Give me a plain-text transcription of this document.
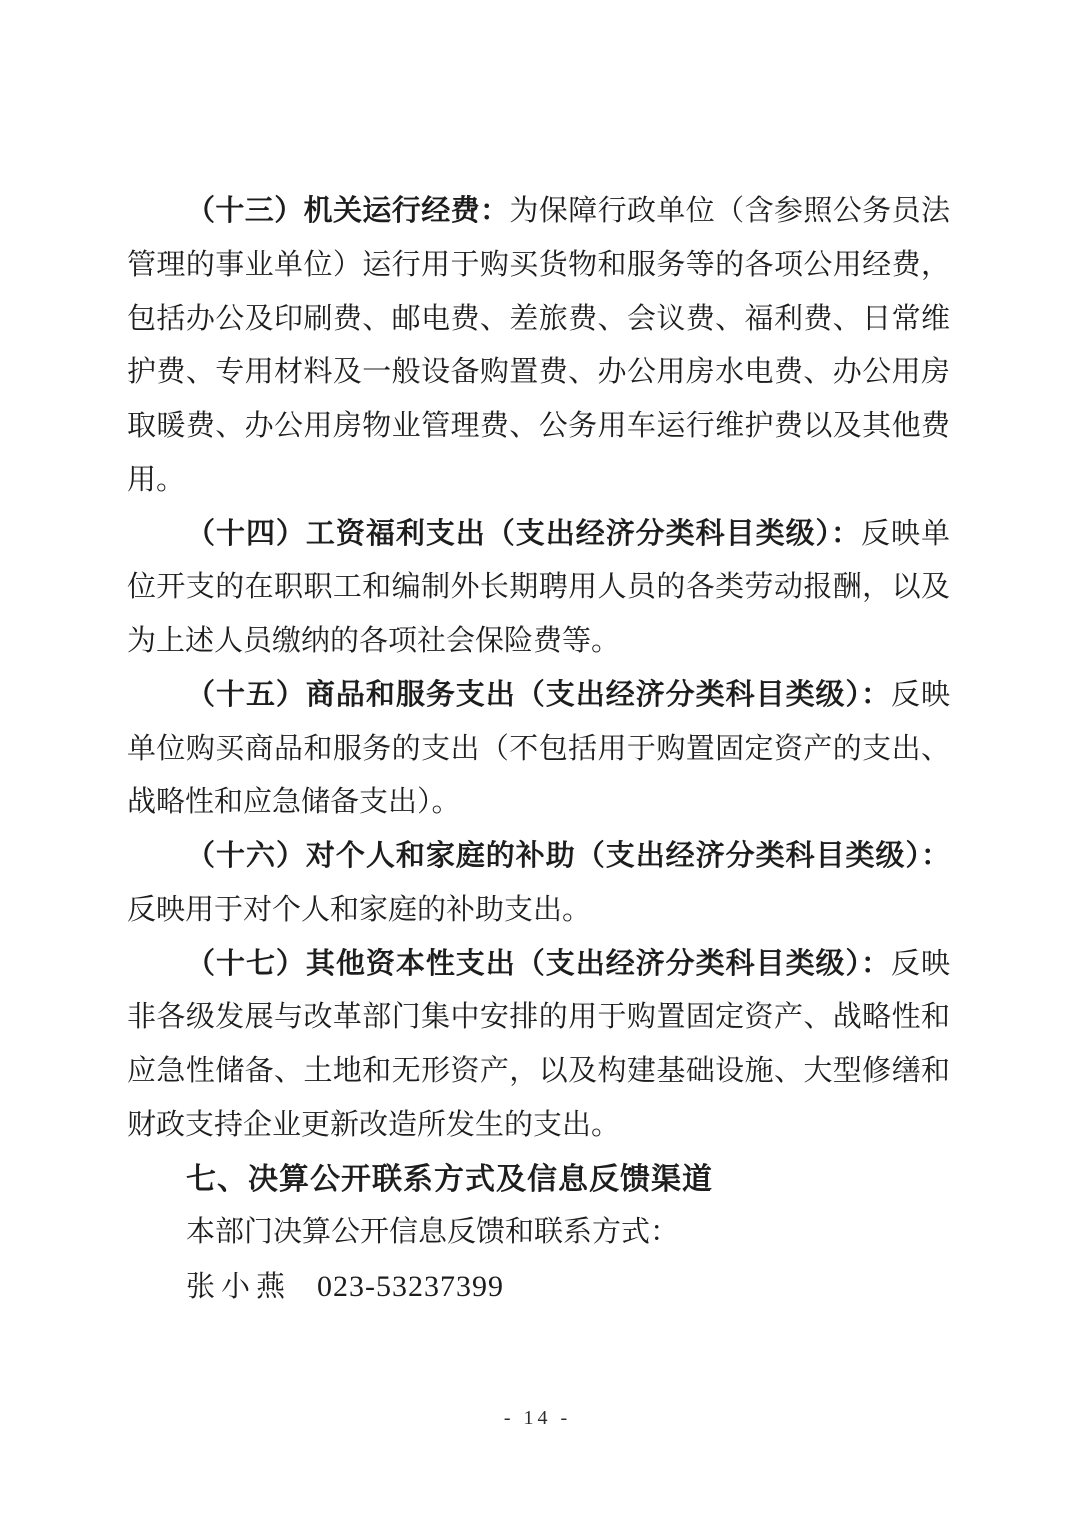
（十三）机关运行经费：为保障行政单位（含参照公务员法
管理的事业单位）运行用于购买货物和服务等的各项公用经费，
包括办公及印刷费、邮电费、差旅费、会议费、福利费、日常维
护费、专用材料及一般设备购置费、办公用房水电费、办公用房
取暖费、办公用房物业管理费、公务用车运行维护费以及其他费
用。
（十四）工资福利支出（支出经济分类科目类级）：反映单
位开支的在职职工和编制外长期聘用人员的各类劳动报酬，以及
为上述人员缴纳的各项社会保险费等。
（十五）商品和服务支出（支出经济分类科目类级）：反映
单位购买商品和服务的支出（不包括用于购置固定资产的支出、
战略性和应急储备支出）。
（十六）对个人和家庭的补助（支出经济分类科目类级）：
反映用于对个人和家庭的补助支出。
（十七）其他资本性支出（支出经济分类科目类级）：反映
非各级发展与改革部门集中安排的用于购置固定资产、战略性和
应急性储备、土地和无形资产，以及构建基础设施、大型修缮和
财政支持企业更新改造所发生的支出。
七、决算公开联系方式及信息反馈渠道
本部门决算公开信息反馈和联系方式：
张小燕 023-53237399
- 14 -
